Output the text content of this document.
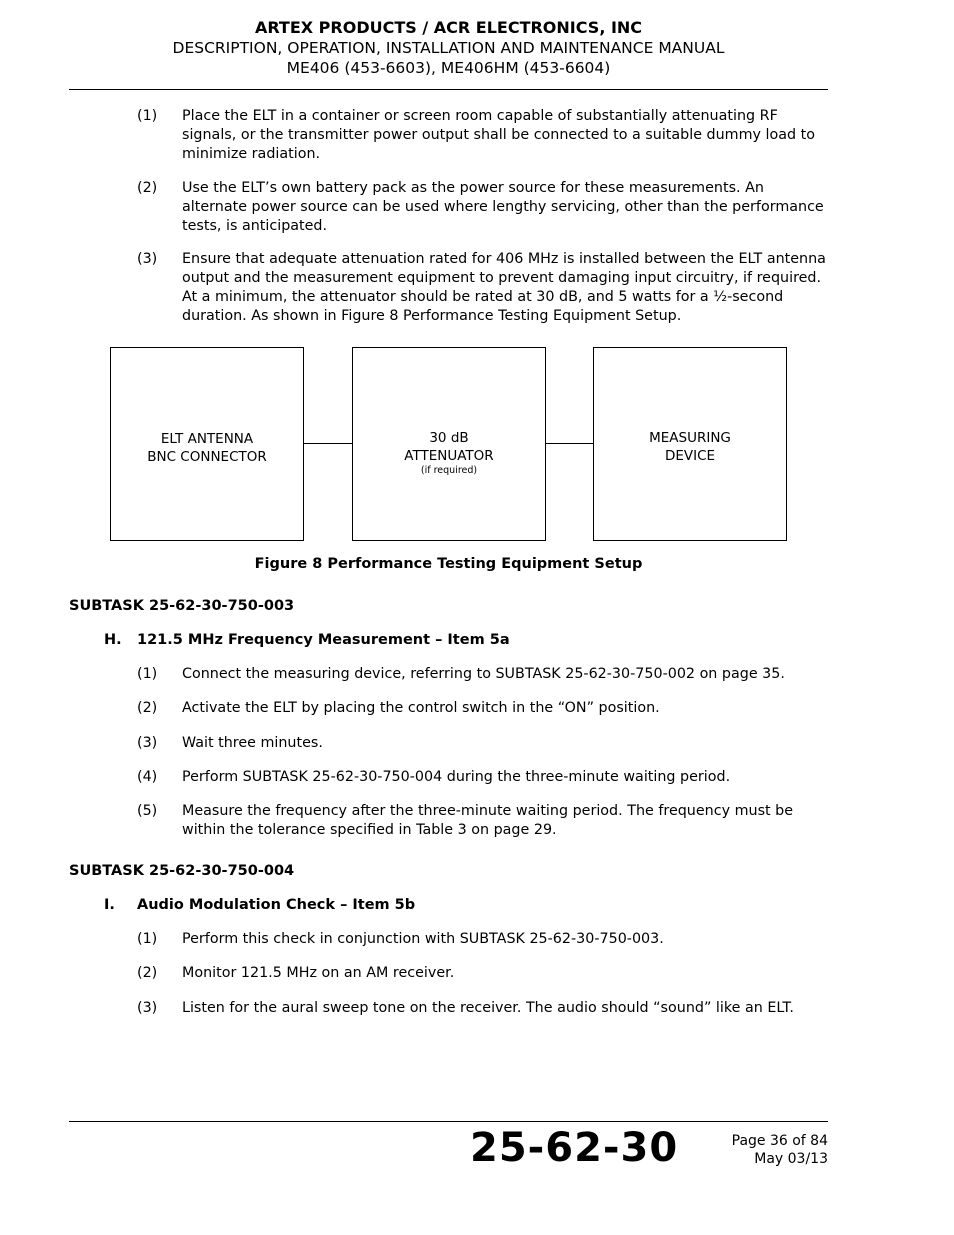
ARTEX PRODUCTS / ACR ELECTRONICS, INC
DESCRIPTION, OPERATION, INSTALLATION AND MAINTENANCE MANUAL
ME406 (453-6603), ME406HM (453-6604)
(1) Place the ELT in a container or screen room capable of substantially attenuating RF signals, or the transmitter power output shall be connected to a suitable dummy load to minimize radiation.
(2) Use the ELT’s own battery pack as the power source for these measurements. An alternate power source can be used where lengthy servicing, other than the performance tests, is anticipated.
(3) Ensure that adequate attenuation rated for 406 MHz is installed between the ELT antenna output and the measurement equipment to prevent damaging input circuitry, if required. At a minimum, the attenuator should be rated at 30 dB, and 5 watts for a ½-second duration. As shown in Figure 8 Performance Testing Equipment Setup.
ELT ANTENNA
BNC CONNECTOR
30 dB
ATTENUATOR
(if required)
MEASURING
DEVICE
Figure 8 Performance Testing Equipment Setup
SUBTASK 25-62-30-750-003
H. 121.5 MHz Frequency Measurement – Item 5a
(1) Connect the measuring device, referring to SUBTASK 25-62-30-750-002 on page 35.
(2) Activate the ELT by placing the control switch in the “ON” position.
(3) Wait three minutes.
(4) Perform SUBTASK 25-62-30-750-004 during the three-minute waiting period.
(5) Measure the frequency after the three-minute waiting period. The frequency must be within the tolerance specified in Table 3 on page 29.
SUBTASK 25-62-30-750-004
I. Audio Modulation Check – Item 5b
(1) Perform this check in conjunction with SUBTASK 25-62-30-750-003.
(2) Monitor 121.5 MHz on an AM receiver.
(3) Listen for the aural sweep tone on the receiver. The audio should “sound” like an ELT.
25-62-30	Page 36 of 84
May 03/13
